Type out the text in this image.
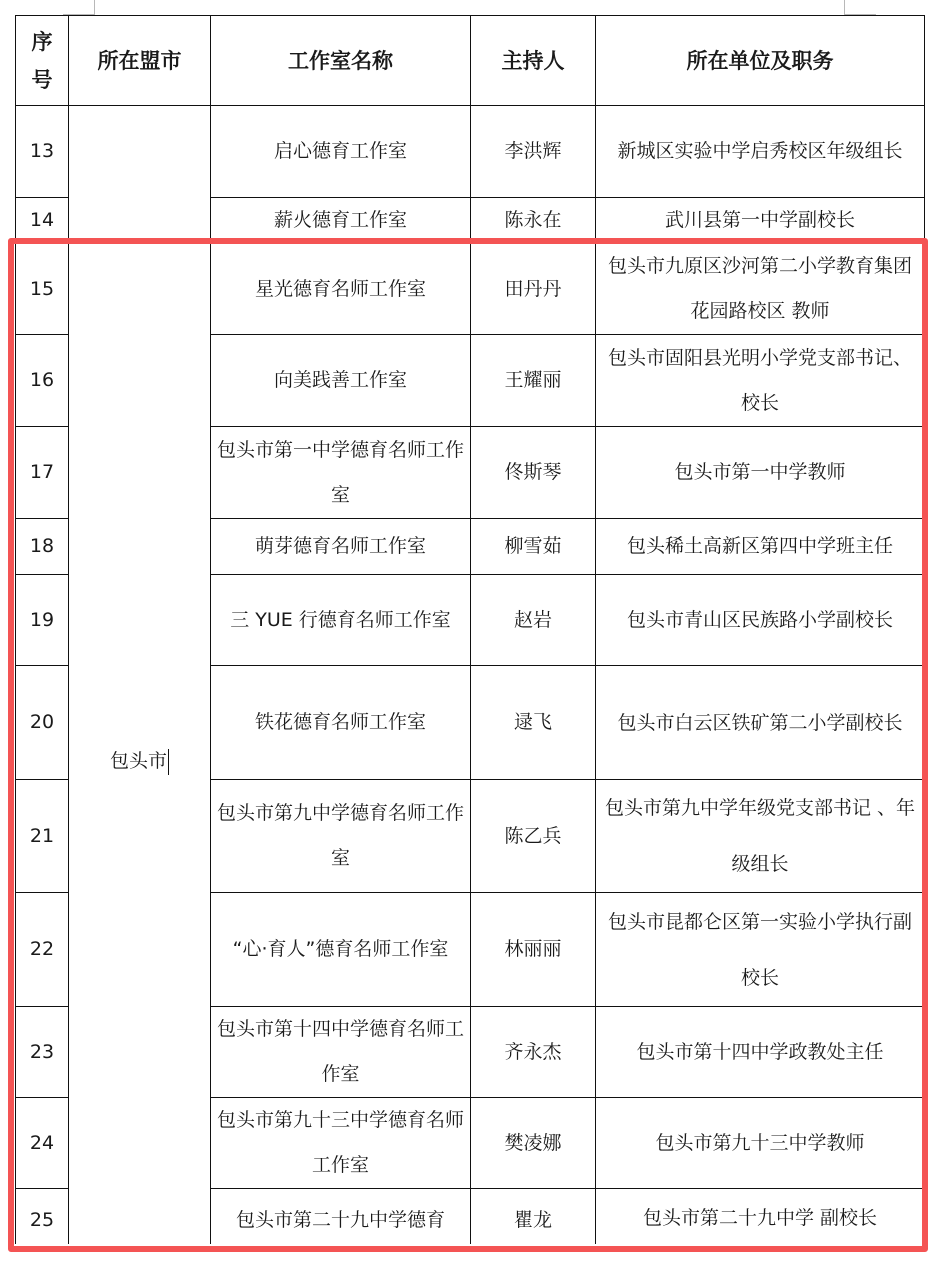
序号	所在盟市	工作室名称	主持人	所在单位及职务
13		启心德育工作室	李洪辉	新城区实验中学启秀校区年级组长
14		薪火德育工作室	陈永在	武川县第一中学副校长
15	包头市	星光德育名师工作室	田丹丹	包头市九原区沙河第二小学教育集团花园路校区 教师
16		向美践善工作室	王耀丽	包头市固阳县光明小学党支部书记、校长
17		包头市第一中学德育名师工作室	佟斯琴	包头市第一中学教师
18		萌芽德育名师工作室	柳雪茹	包头稀土高新区第四中学班主任
19		三 YUE 行德育名师工作室	赵岩	包头市青山区民族路小学副校长
20		铁花德育名师工作室	逯飞	包头市白云区铁矿第二小学副校长
21		包头市第九中学德育名师工作室	陈乙兵	包头市第九中学年级党支部书记 、年级组长
22		“心·育人”德育名师工作室	林丽丽	包头市昆都仑区第一实验小学执行副校长
23		包头市第十四中学德育名师工作室	齐永杰	包头市第十四中学政教处主任
24		包头市第九十三中学德育名师工作室	樊凌娜	包头市第九十三中学教师
25		包头市第二十九中学德育	瞿龙	包头市第二十九中学 副校长
